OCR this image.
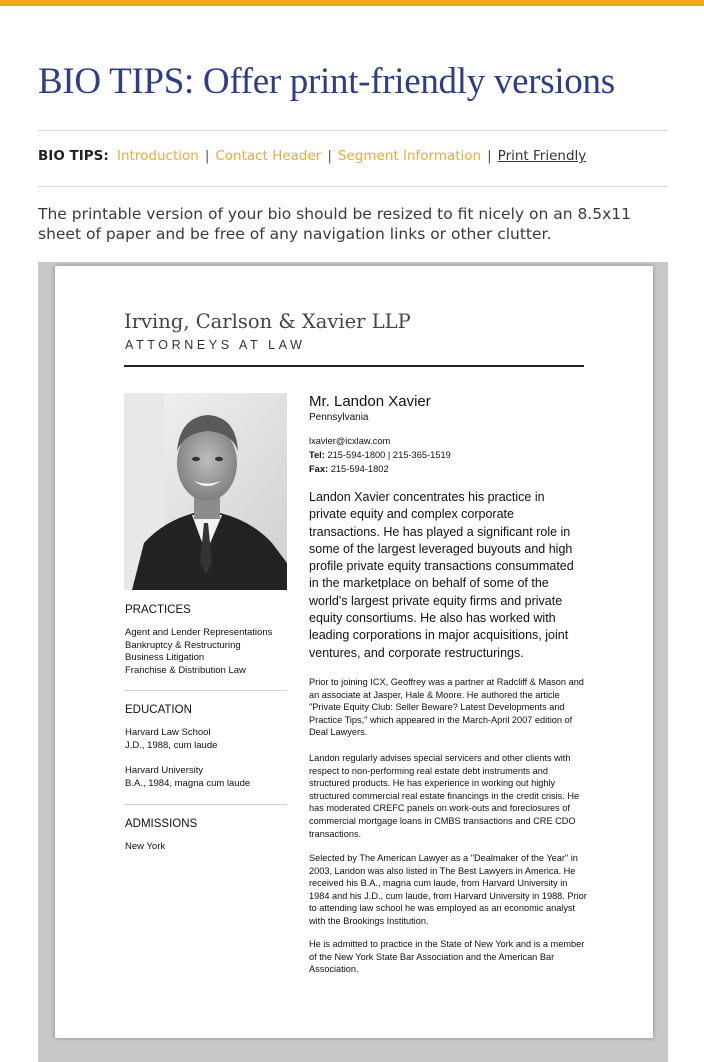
BIO TIPS: Offer print-friendly versions
BIO TIPS: Introduction | Contact Header | Segment Information | Print Friendly

The printable version of your bio should be resized to fit nicely on an 8.5x11 sheet of paper and be free of any navigation links or other clutter.

Irving, Carlson & Xavier LLP
ATTORNEYS AT LAW
PRACTICES
Agent and Lender Representations
Bankruptcy & Restructuring
Business Litigation
Franchise & Distribution Law
EDUCATION
Harvard Law School
J.D., 1988, cum laude
Harvard University
B.A., 1984, magna cum laude
ADMISSIONS
New York
Mr. Landon Xavier
Pennsylvania
lxavier@icxlaw.com
Tel: 215-594-1800 | 215-365-1519
Fax: 215-594-1802

Landon Xavier concentrates his practice in private equity and complex corporate transactions. He has played a significant role in some of the largest leveraged buyouts and high profile private equity transactions consummated in the marketplace on behalf of some of the world's largest private equity firms and private equity consortiums. He also has worked with leading corporations in major acquisitions, joint ventures, and corporate restructurings.

Prior to joining ICX, Geoffrey was a partner at Radcliff & Mason and an associate at Jasper, Hale & Moore. He authored the article "Private Equity Club: Seller Beware? Latest Developments and Practice Tips," which appeared in the March-April 2007 edition of Deal Lawyers.

Landon regularly advises special servicers and other clients with respect to non-performing real estate debt instruments and structured products. He has experience in working out highly structured commercial real estate financings in the credit crisis. He has moderated CREFC panels on work-outs and foreclosures of commercial mortgage loans in CMBS transactions and CRE CDO transactions.

Selected by The American Lawyer as a "Dealmaker of the Year" in 2003, Landon was also listed in The Best Lawyers in America. He received his B.A., magna cum laude, from Harvard University in 1984 and his J.D., cum laude, from Harvard University in 1988. Prior to attending law school he was employed as an economic analyst with the Brookings Institution.

He is admitted to practice in the State of New York and is a member of the New York State Bar Association and the American Bar Association.
